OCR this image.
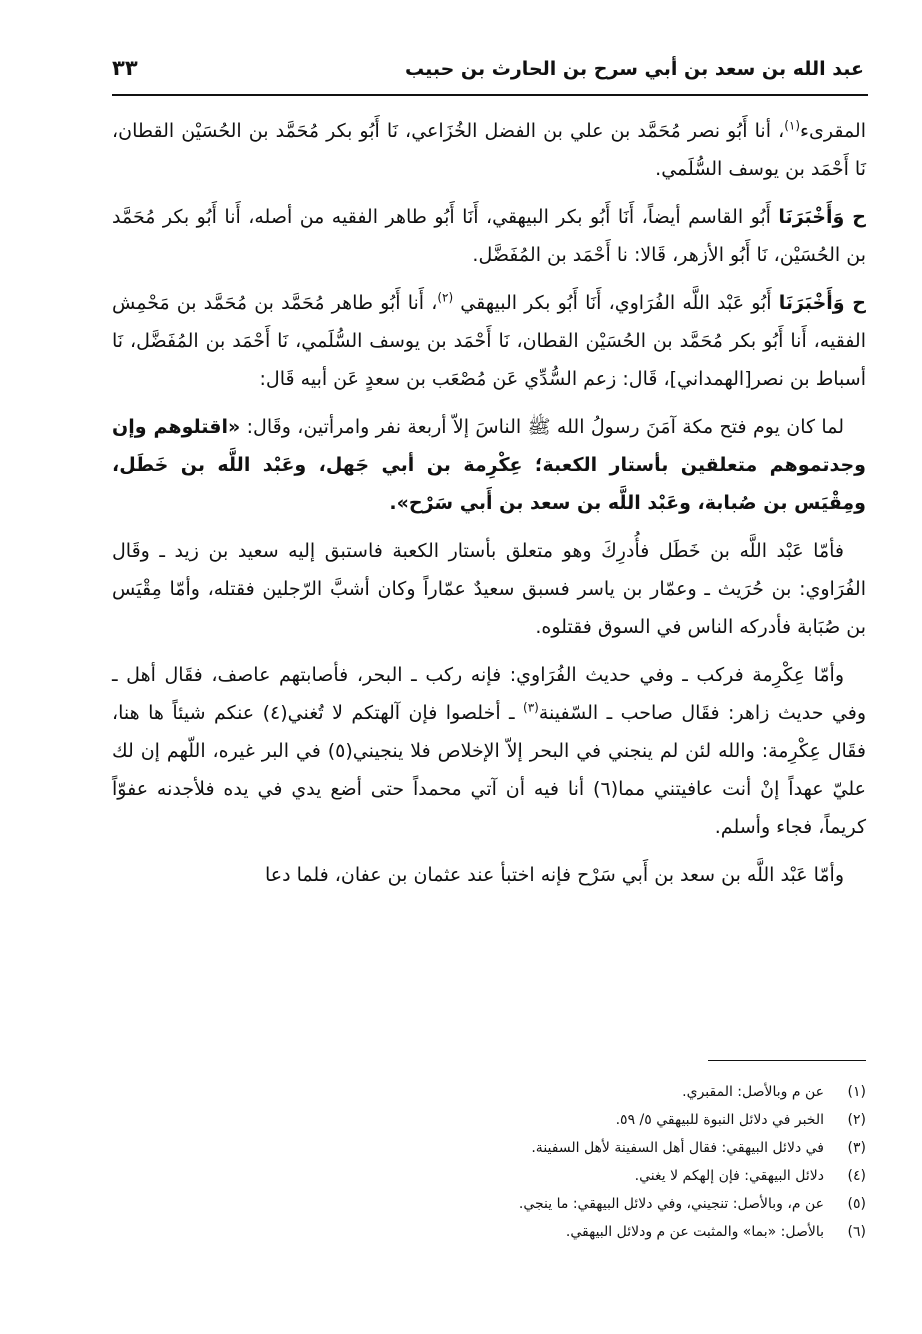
عبد الله بن سعد بن أبي سرح بن الحارث بن حبيب
٣٣

المقرىء$^{(١)}$، أنا أَبُو نصر مُحَمَّد بن علي بن الفضل الخُزَاعي، نَا أَبُو بكر مُحَمَّد بن الحُسَيْن القطان، نَا أَحْمَد بن يوسف السُّلَمي.

ح وَأَخْبَرَنَا أَبُو القاسم أيضاً، أَنَا أَبُو بكر البيهقي، أَنَا أَبُو طاهر الفقيه من أصله، أَنا أَبُو بكر مُحَمَّد بن الحُسَيْن، نَا أَبُو الأزهر، قَالا: نا أَحْمَد بن المُفَضَّل.

ح وَأَخْبَرَنَا أَبُو عَبْد اللَّه الفُرَاوي، أَنَا أَبُو بكر البيهقي $^{(٢)}$، أَنا أَبُو طاهر مُحَمَّد بن مُحَمَّد بن مَحْمِش الفقيه، أَنا أَبُو بكر مُحَمَّد بن الحُسَيْن القطان، نَا أَحْمَد بن يوسف السُّلَمي، نَا أَحْمَد بن المُفَضَّل، نَا أسباط بن نصر[الهمداني]، قَال: زعم السُّدِّي عَن مُصْعَب بن سعدٍ عَن أبيه قَال:

لما كان يوم فتح مكة آمَنَ رسولُ الله ﷺ الناسَ إلاّ أربعة نفر وامرأتين، وقَال: «اقتلوهم وإن وجدتموهم متعلقين بأستار الكعبة؛ عِكْرِمة بن أبي جَهل، وعَبْد اللَّه بن خَطَل، ومِقْيَس بن صُبابة، وعَبْد اللَّه بن سعد بن أَبي سَرْح».

فأمّا عَبْد اللَّه بن خَطَل فأُدرِكَ وهو متعلق بأستار الكعبة فاستبق إليه سعيد بن زيد ـ وقَال الفُرَاوي: بن حُرَيث ـ وعمّار بن ياسر فسبق سعيدٌ عمّاراً وكان أشبَّ الرّجلين فقتله، وأمّا مِقْيَس بن صُبَابة فأدركه الناس في السوق فقتلوه.

وأمّا عِكْرِمة فركب ـ وفي حديث الفُرَاوي: فإنه ركب ـ البحر، فأصابتهم عاصف، فقَال أهل ـ وفي حديث زاهر: فقَال صاحب ـ السّفينة$^{(٣)}$ ـ أخلصوا فإن آلهتكم لا تُغني(٤) عنكم شيئاً ها هنا، فقَال عِكْرِمة: والله لئن لم ينجني في البحر إلاّ الإخلاص فلا ينجيني(٥) في البر غيره، اللّهم إن لك عليّ عهداً إنْ أنت عافيتني مما(٦) أنا فيه أن آتي محمداً حتى أضع يدي في يده فلأجدنه عفوّاً كريماً، فجاء وأسلم.

وأمّا عَبْد اللَّه بن سعد بن أَبي سَرْح فإنه اختبأ عند عثمان بن عفان، فلما دعا

(١)
عن م وبالأصل: المقبري.
(٢)
الخبر في دلائل النبوة للبيهقي ٥/ ٥٩.
(٣)
في دلائل البيهقي: فقال أهل السفينة لأهل السفينة.
(٤)
دلائل البيهقي: فإن إلهكم لا يغني.
(٥)
عن م، وبالأصل: تنجيني، وفي دلائل البيهقي: ما ينجي.
(٦)
بالأصل: «بما» والمثبت عن م ودلائل البيهقي.
